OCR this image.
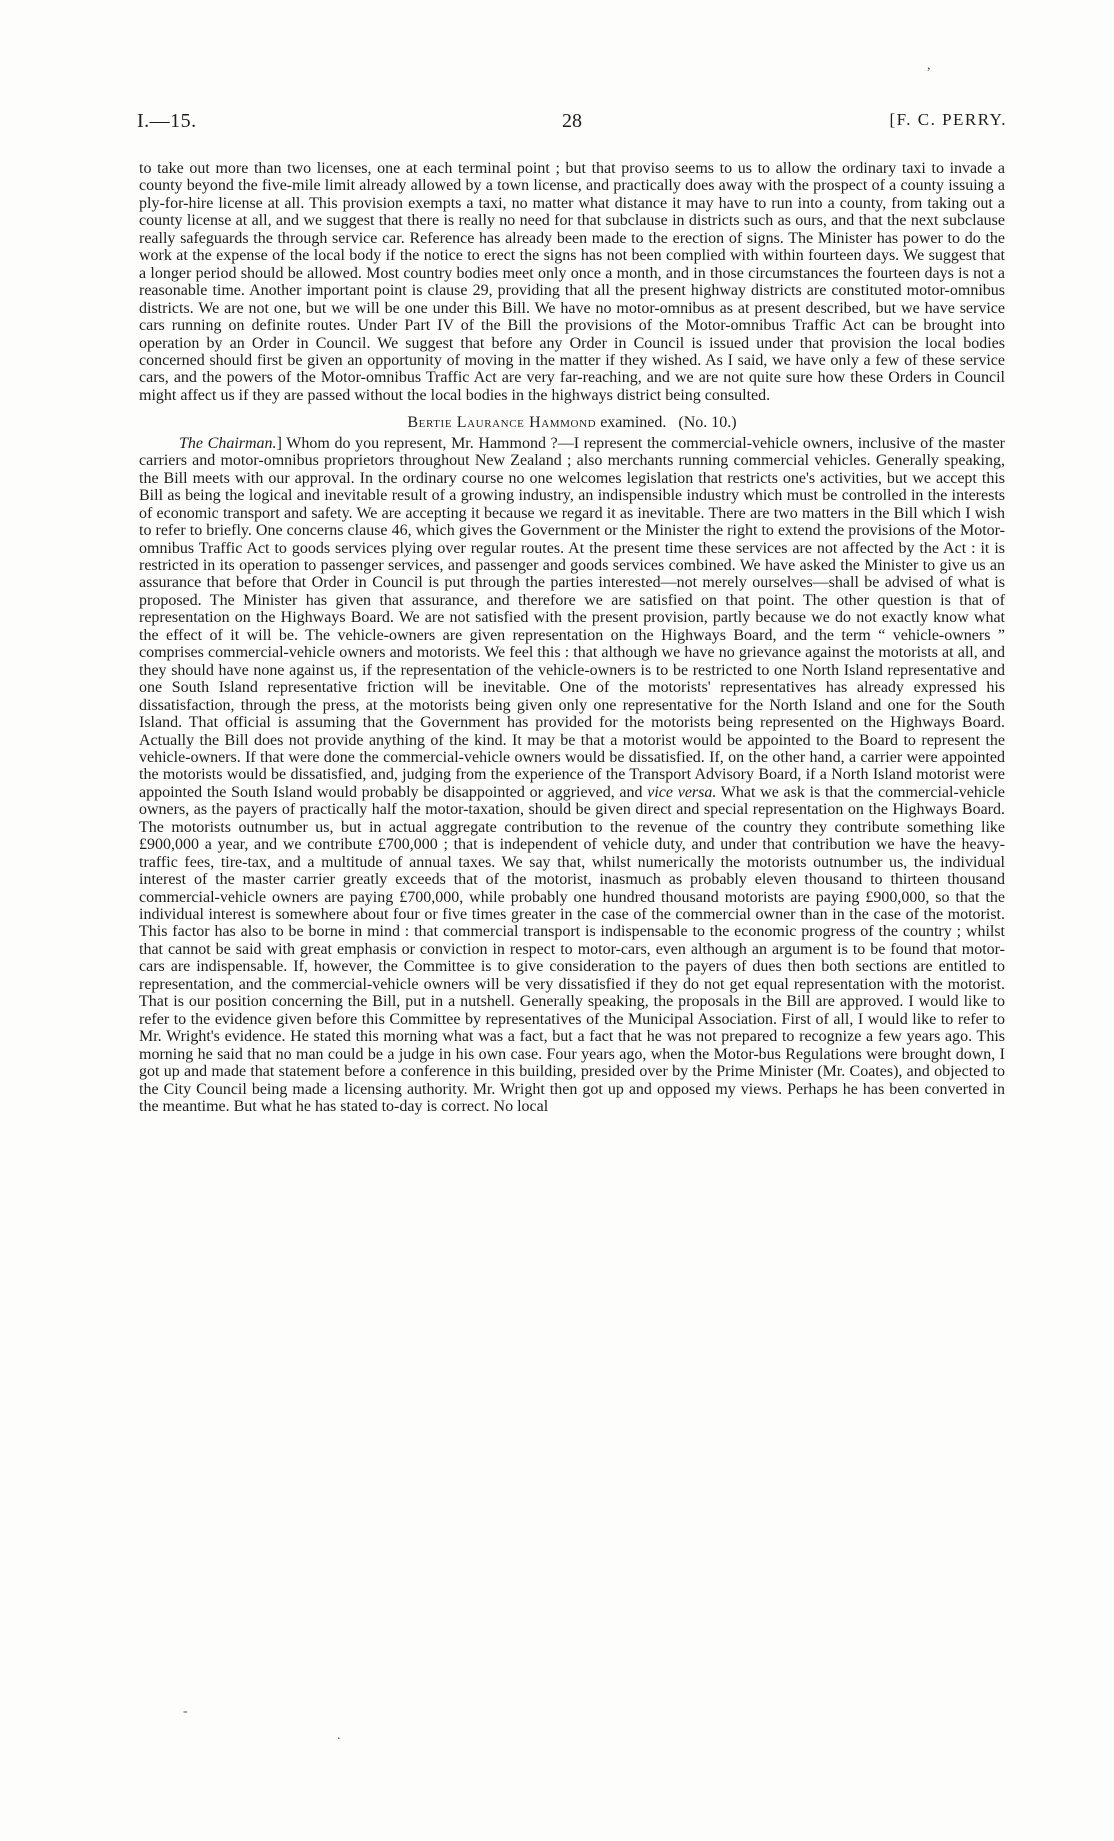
,
I.—15.	28	[F. C. PERRY.

to take out more than two licenses, one at each terminal point ; but that proviso seems to us to allow the ordinary taxi to invade a county beyond the five-mile limit already allowed by a town license, and practically does away with the prospect of a county issuing a ply-for-hire license at all. This provision exempts a taxi, no matter what distance it may have to run into a county, from taking out a county license at all, and we suggest that there is really no need for that subclause in districts such as ours, and that the next subclause really safeguards the through service car. Reference has already been made to the erection of signs. The Minister has power to do the work at the expense of the local body if the notice to erect the signs has not been complied with within fourteen days. We suggest that a longer period should be allowed. Most country bodies meet only once a month, and in those circumstances the fourteen days is not a reasonable time. Another important point is clause 29, providing that all the present highway districts are constituted motor-omnibus districts. We are not one, but we will be one under this Bill. We have no motor-omnibus as at present described, but we have service cars running on definite routes. Under Part IV of the Bill the provisions of the Motor-omnibus Traffic Act can be brought into operation by an Order in Council. We suggest that before any Order in Council is issued under that provision the local bodies concerned should first be given an opportunity of moving in the matter if they wished. As I said, we have only a few of these service cars, and the powers of the Motor-omnibus Traffic Act are very far-reaching, and we are not quite sure how these Orders in Council might affect us if they are passed without the local bodies in the highways district being consulted.

Bertie Laurance Hammond examined. (No. 10.)

The Chairman.] Whom do you represent, Mr. Hammond ?—I represent the commercial-vehicle owners, inclusive of the master carriers and motor-omnibus proprietors throughout New Zealand ; also merchants running commercial vehicles. Generally speaking, the Bill meets with our approval. In the ordinary course no one welcomes legislation that restricts one's activities, but we accept this Bill as being the logical and inevitable result of a growing industry, an indispensible industry which must be controlled in the interests of economic transport and safety. We are accepting it because we regard it as inevitable. There are two matters in the Bill which I wish to refer to briefly. One concerns clause 46, which gives the Government or the Minister the right to extend the provisions of the Motor-omnibus Traffic Act to goods services plying over regular routes. At the present time these services are not affected by the Act : it is restricted in its operation to passenger services, and passenger and goods services combined. We have asked the Minister to give us an assurance that before that Order in Council is put through the parties interested—not merely ourselves—shall be advised of what is proposed. The Minister has given that assurance, and therefore we are satisfied on that point. The other question is that of representation on the Highways Board. We are not satisfied with the present provision, partly because we do not exactly know what the effect of it will be. The vehicle-owners are given representation on the Highways Board, and the term “ vehicle-owners ” comprises commercial-vehicle owners and motorists. We feel this : that although we have no grievance against the motorists at all, and they should have none against us, if the representation of the vehicle-owners is to be restricted to one North Island representative and one South Island representative friction will be inevitable. One of the motorists' representatives has already expressed his dissatisfaction, through the press, at the motorists being given only one representative for the North Island and one for the South Island. That official is assuming that the Government has provided for the motorists being represented on the Highways Board. Actually the Bill does not provide anything of the kind. It may be that a motorist would be appointed to the Board to represent the vehicle-owners. If that were done the commercial-vehicle owners would be dissatisfied. If, on the other hand, a carrier were appointed the motorists would be dissatisfied, and, judging from the experience of the Transport Advisory Board, if a North Island motorist were appointed the South Island would probably be disappointed or aggrieved, and vice versa. What we ask is that the commercial-vehicle owners, as the payers of practically half the motor-taxation, should be given direct and special representation on the Highways Board. The motorists outnumber us, but in actual aggregate contribution to the revenue of the country they contribute something like £900,000 a year, and we contribute £700,000 ; that is independent of vehicle duty, and under that contribution we have the heavy-traffic fees, tire-tax, and a multitude of annual taxes. We say that, whilst numerically the motorists outnumber us, the individual interest of the master carrier greatly exceeds that of the motorist, inasmuch as probably eleven thousand to thirteen thousand commercial-vehicle owners are paying £700,000, while probably one hundred thousand motorists are paying £900,000, so that the individual interest is somewhere about four or five times greater in the case of the commercial owner than in the case of the motorist. This factor has also to be borne in mind : that commercial transport is indispensable to the economic progress of the country ; whilst that cannot be said with great emphasis or conviction in respect to motor-cars, even although an argument is to be found that motor-cars are indispensable. If, however, the Committee is to give consideration to the payers of dues then both sections are entitled to representation, and the commercial-vehicle owners will be very dissatisfied if they do not get equal representation with the motorist. That is our position concerning the Bill, put in a nutshell. Generally speaking, the proposals in the Bill are approved. I would like to refer to the evidence given before this Committee by representatives of the Municipal Association. First of all, I would like to refer to Mr. Wright's evidence. He stated this morning what was a fact, but a fact that he was not prepared to recognize a few years ago. This morning he said that no man could be a judge in his own case. Four years ago, when the Motor-bus Regulations were brought down, I got up and made that statement before a conference in this building, presided over by the Prime Minister (Mr. Coates), and objected to the City Council being made a licensing authority. Mr. Wright then got up and opposed my views. Perhaps he has been converted in the meantime. But what he has stated to-day is correct. No local

-
.
